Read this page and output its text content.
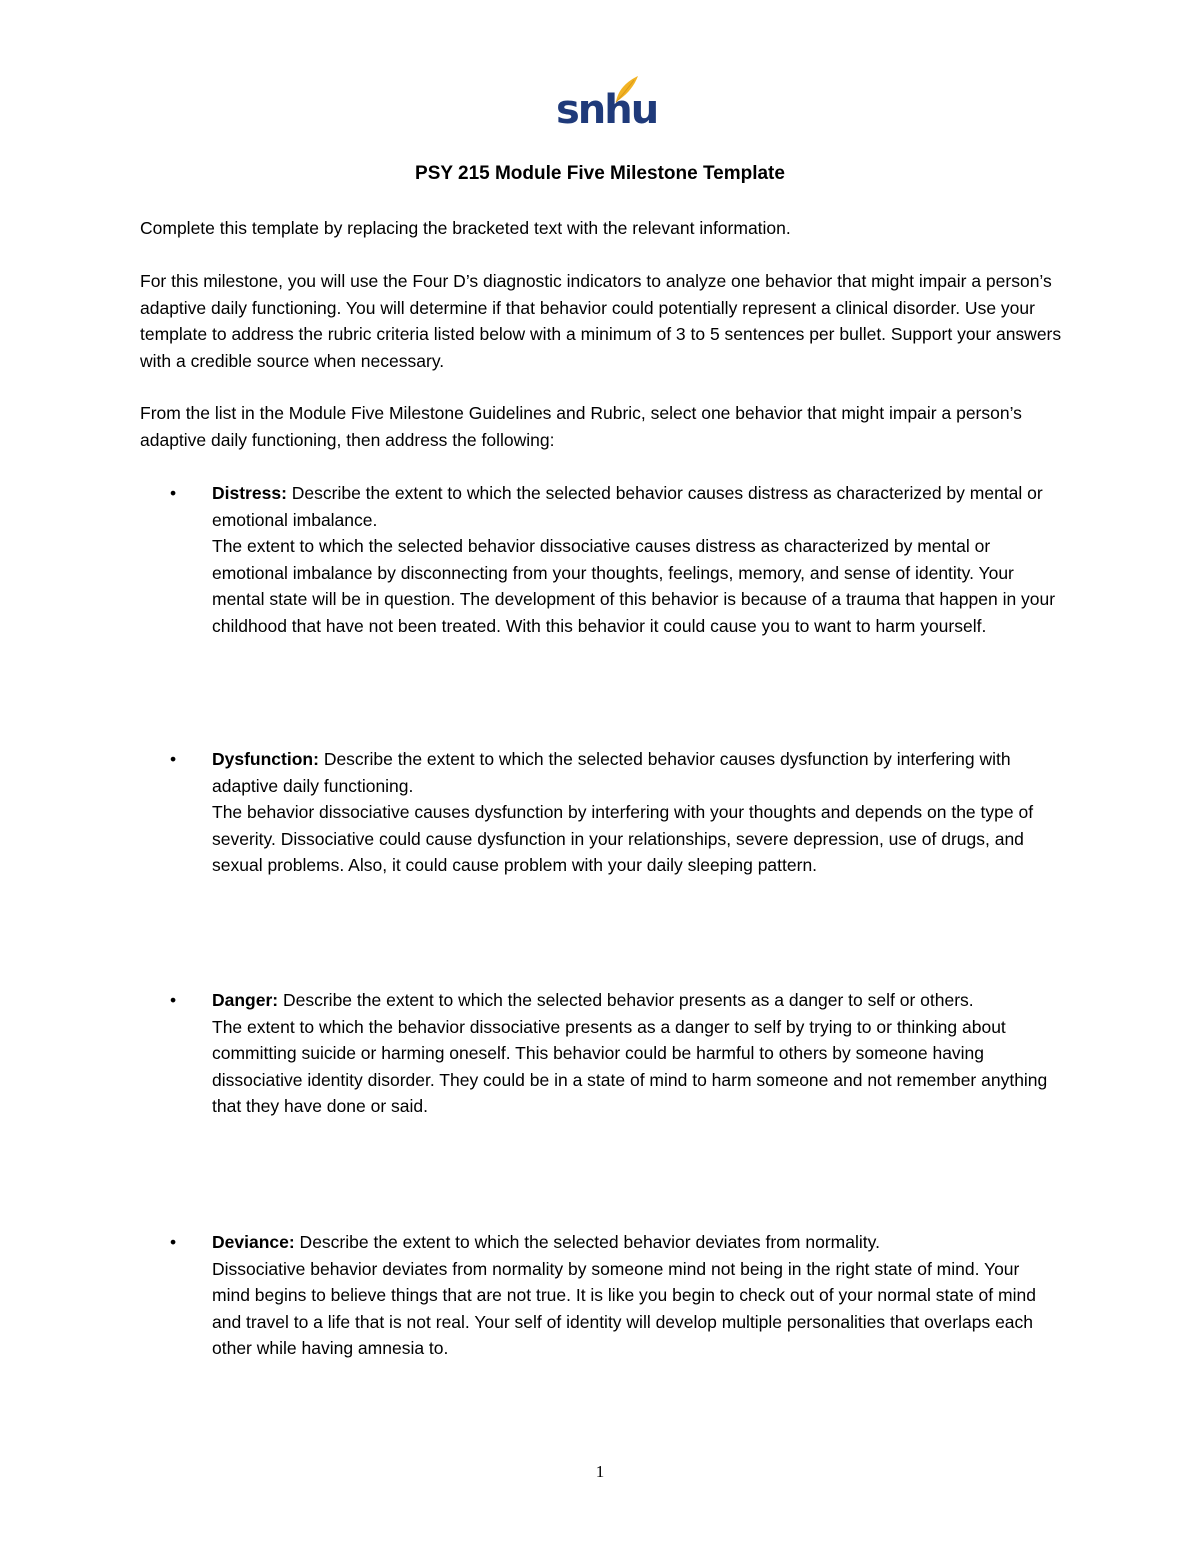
snhu
PSY 215 Module Five Milestone Template

Complete this template by replacing the bracketed text with the relevant information.

For this milestone, you will use the Four D’s diagnostic indicators to analyze one behavior that might impair a person’s adaptive daily functioning. You will determine if that behavior could potentially represent a clinical disorder. Use your template to address the rubric criteria listed below with a minimum of 3 to 5 sentences per bullet. Support your answers with a credible source when necessary.

From the list in the Module Five Milestone Guidelines and Rubric, select one behavior that might impair a person’s adaptive daily functioning, then address the following:

• Distress: Describe the extent to which the selected behavior causes distress as characterized by mental or emotional imbalance.
The extent to which the selected behavior dissociative causes distress as characterized by mental or emotional imbalance by disconnecting from your thoughts, feelings, memory, and sense of identity. Your mental state will be in question. The development of this behavior is because of a trauma that happen in your childhood that have not been treated. With this behavior it could cause you to want to harm yourself.
• Dysfunction: Describe the extent to which the selected behavior causes dysfunction by interfering with adaptive daily functioning.
The behavior dissociative causes dysfunction by interfering with your thoughts and depends on the type of severity. Dissociative could cause dysfunction in your relationships, severe depression, use of drugs, and sexual problems. Also, it could cause problem with your daily sleeping pattern.
• Danger: Describe the extent to which the selected behavior presents as a danger to self or others.
The extent to which the behavior dissociative presents as a danger to self by trying to or thinking about committing suicide or harming oneself. This behavior could be harmful to others by someone having dissociative identity disorder. They could be in a state of mind to harm someone and not remember anything that they have done or said.
• Deviance: Describe the extent to which the selected behavior deviates from normality.
Dissociative behavior deviates from normality by someone mind not being in the right state of mind. Your mind begins to believe things that are not true. It is like you begin to check out of your normal state of mind and travel to a life that is not real. Your self of identity will develop multiple personalities that overlaps each other while having amnesia to.
1
